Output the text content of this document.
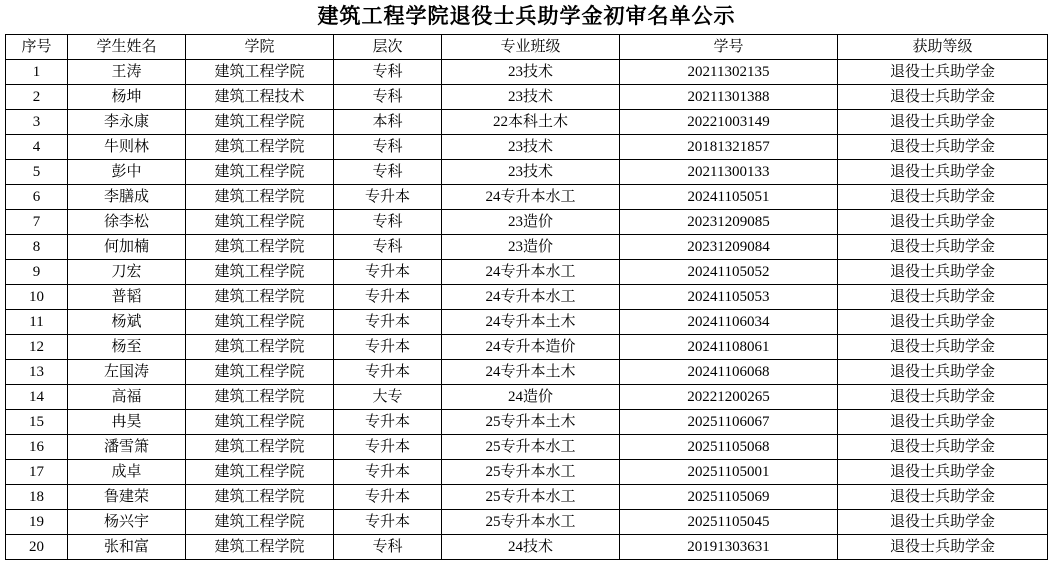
建筑工程学院退役士兵助学金初审名单公示
序号	学生姓名	学院	层次	专业班级	学号	获助等级
1	王涛	建筑工程学院	专科	23技术	20211302135	退役士兵助学金
2	杨坤	建筑工程技术	专科	23技术	20211301388	退役士兵助学金
3	李永康	建筑工程学院	本科	22本科土木	20221003149	退役士兵助学金
4	牛则林	建筑工程学院	专科	23技术	20181321857	退役士兵助学金
5	彭中	建筑工程学院	专科	23技术	20211300133	退役士兵助学金
6	李膳成	建筑工程学院	专升本	24专升本水工	20241105051	退役士兵助学金
7	徐李松	建筑工程学院	专科	23造价	20231209085	退役士兵助学金
8	何加楠	建筑工程学院	专科	23造价	20231209084	退役士兵助学金
9	刀宏	建筑工程学院	专升本	24专升本水工	20241105052	退役士兵助学金
10	普韬	建筑工程学院	专升本	24专升本水工	20241105053	退役士兵助学金
11	杨斌	建筑工程学院	专升本	24专升本土木	20241106034	退役士兵助学金
12	杨至	建筑工程学院	专升本	24专升本造价	20241108061	退役士兵助学金
13	左国涛	建筑工程学院	专升本	24专升本土木	20241106068	退役士兵助学金
14	高福	建筑工程学院	大专	24造价	20221200265	退役士兵助学金
15	冉昊	建筑工程学院	专升本	25专升本土木	20251106067	退役士兵助学金
16	潘雪箫	建筑工程学院	专升本	25专升本水工	20251105068	退役士兵助学金
17	成卓	建筑工程学院	专升本	25专升本水工	20251105001	退役士兵助学金
18	鲁建荣	建筑工程学院	专升本	25专升本水工	20251105069	退役士兵助学金
19	杨兴宇	建筑工程学院	专升本	25专升本水工	20251105045	退役士兵助学金
20	张和富	建筑工程学院	专科	24技术	20191303631	退役士兵助学金
